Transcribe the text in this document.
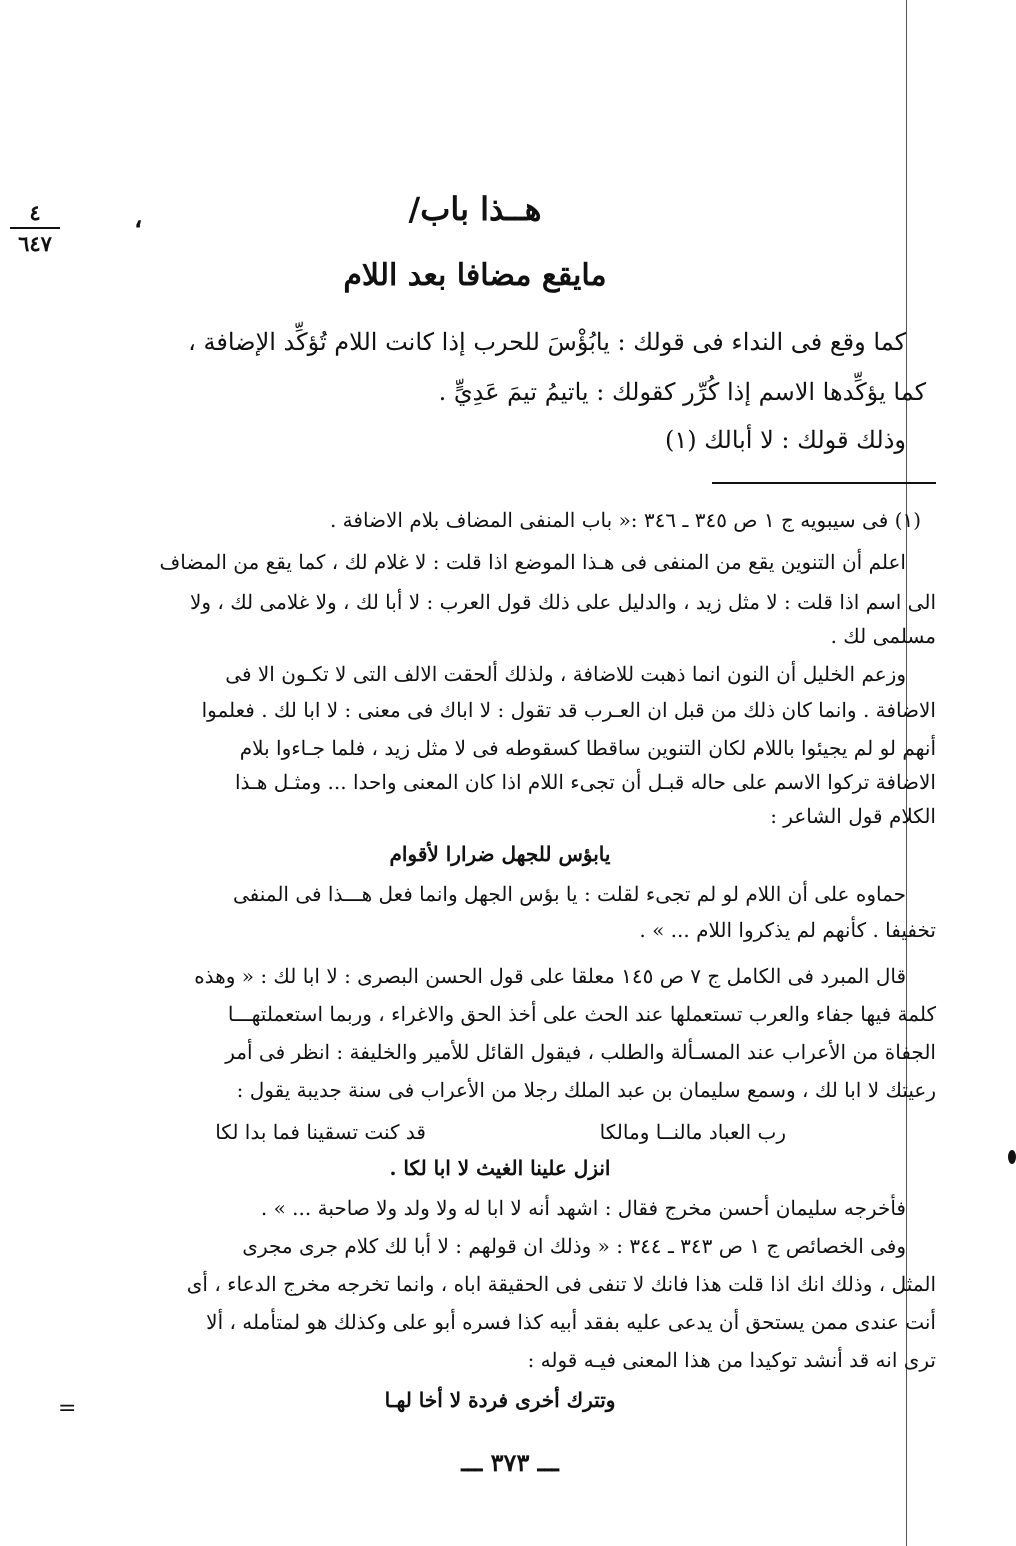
٤
٦٤٧
،	هــذا باب/
مايقع مضافا بعد اللام
كما وقع فى النداء فى قولك : يابُؤْسَ للحرب إذا كانت اللام تُؤكِّد الإضافة ،
كما يؤكِّدها الاسم إذا كُرِّر كقولك : ياتيمُ تيمَ عَدِيٍّ .
وذلك قولك : لا أبالك (١)
(١) فى سيبويه ج ١ ص ٣٤٥ ـ ٣٤٦ :« باب المنفى المضاف بلام الاضافة .
اعلم أن التنوين يقع من المنفى فى هـذا الموضع اذا قلت : لا غلام لك ، كما يقع من المضاف
الى اسم اذا قلت : لا مثل زيد ، والدليل على ذلك قول العرب : لا أبا لك ، ولا غلامى لك ، ولا
مسلمى لك .
وزعم الخليل أن النون انما ذهبت للاضافة ، ولذلك ألحقت الالف التى لا تكـون الا فى
الاضافة . وانما كان ذلك من قبل ان العـرب قد تقول : لا اباك فى معنى : لا ابا لك . فعلموا
أنهم لو لم يجيئوا باللام لكان التنوين ساقطا كسقوطه فى لا مثل زيد ، فلما جـاءوا بلام
الاضافة تركوا الاسم على حاله قبـل أن تجىء اللام اذا كان المعنى واحدا ... ومثـل هـذا
الكلام قول الشاعر :
يابؤس للجهل ضرارا لأقوام
حماوه على أن اللام لو لم تجىء لقلت : يا بؤس الجهل وانما فعل هـــذا فى المنفى
تخفيفا . كأنهم لم يذكروا اللام ... » .
قال المبرد فى الكامل ج ٧ ص ١٤٥ معلقا على قول الحسن البصرى : لا ابا لك : « وهذه
كلمة فيها جفاء والعرب تستعملها عند الحث على أخذ الحق والاغراء ، وربما استعملتهـــا
الجفاة من الأعراب عند المسـألة والطلب ، فيقول القائل للأمير والخليفة : انظر فى أمر
رعيتك لا ابا لك ، وسمع سليمان بن عبد الملك رجلا من الأعراب فى سنة جديبة يقول :
رب العباد مالنــا ومالكا
قد كنت تسقينا فما بدا لكا
انزل علينا الغيث لا ابا لكا .
فأخرجه سليمان أحسن مخرج فقال : اشهد أنه لا ابا له ولا ولد ولا صاحبة ... » .
وفى الخصائص ج ١ ص ٣٤٣ ـ ٣٤٤ : « وذلك ان قولهم : لا أبا لك كلام جرى مجرى
المثل ، وذلك انك اذا قلت هذا فانك لا تنفى فى الحقيقة اباه ، وانما تخرجه مخرج الدعاء ، أى
أنت عندى ممن يستحق أن يدعى عليه بفقد أبيه كذا فسره أبو على وكذلك هو لمتأمله ، ألا
ترى انه قد أنشد توكيدا من هذا المعنى فيـه قوله :
وتترك أخرى فردة لا أخا لهـا
=
ـــ ٣٧٣ ـــ
